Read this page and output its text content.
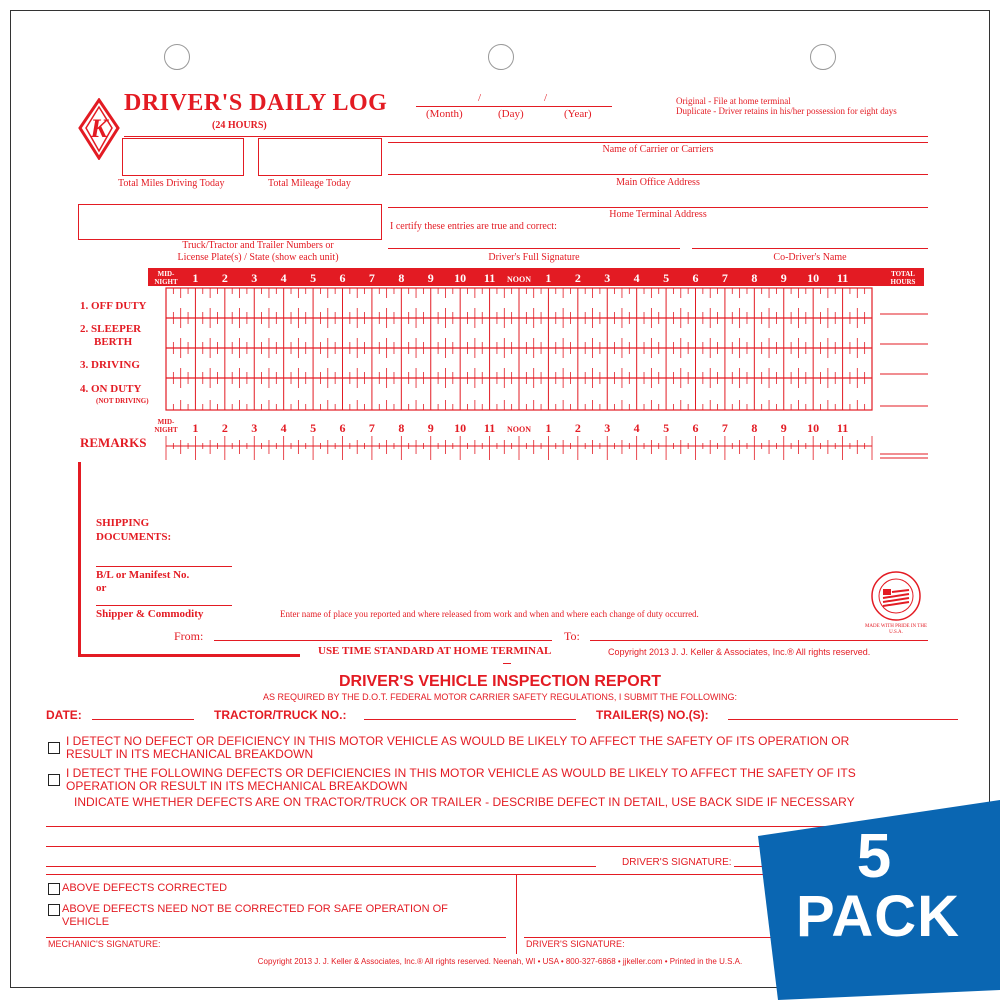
K
DRIVER'S DAILY LOG
(24 HOURS)
/	/
(Month)	(Day)	(Year)
Original - File at home terminal
Duplicate - Driver retains in his/her possession for eight days
Total Miles Driving Today	Total Mileage Today
Name of Carrier or Carriers
Main Office Address
Home Terminal Address
I certify these entries are true and correct:
Truck/Tractor and Trailer Numbers or
License Plate(s) / State (show each unit)	Driver's Full Signature	Co-Driver's Name
MID-
NIGHT
TOTAL
HOURS
1 2 3 4 5 6 7 8 9 10 11 NOON 1 2 3 4 5 6 7 8 9 10 11
MID-
NIGHT 1 2 3 4 5 6 7 8 9 10 11 NOON 1 2 3 4 5 6 7 8 9 10 11
1. OFF DUTY
2. SLEEPER
BERTH
3. DRIVING
4. ON DUTY
(NOT DRIVING)
REMARKS
SHIPPING
DOCUMENTS:
B/L or Manifest No.
or
Shipper & Commodity	Enter name of place you reported and where released from work and when and where each change of duty occurred.
From:	To:
USE TIME STANDARD AT HOME TERMINAL	Copyright 2013 J. J. Keller & Associates, Inc.® All rights reserved.
MADE WITH PRIDE IN THE U.S.A.
DRIVER'S VEHICLE INSPECTION REPORT
AS REQUIRED BY THE D.O.T. FEDERAL MOTOR CARRIER SAFETY REGULATIONS, I SUBMIT THE FOLLOWING:
DATE:	TRACTOR/TRUCK NO.:	TRAILER(S) NO.(S):
I DETECT NO DEFECT OR DEFICIENCY IN THIS MOTOR VEHICLE AS WOULD BE LIKELY TO AFFECT THE SAFETY OF ITS OPERATION OR
RESULT IN ITS MECHANICAL BREAKDOWN
I DETECT THE FOLLOWING DEFECTS OR DEFICIENCIES IN THIS MOTOR VEHICLE AS WOULD BE LIKELY TO AFFECT THE SAFETY OF ITS
OPERATION OR RESULT IN ITS MECHANICAL BREAKDOWN
INDICATE WHETHER DEFECTS ARE ON TRACTOR/TRUCK OR TRAILER - DESCRIBE DEFECT IN DETAIL, USE BACK SIDE IF NECESSARY
DRIVER'S SIGNATURE:
ABOVE DEFECTS CORRECTED
ABOVE DEFECTS NEED NOT BE CORRECTED FOR SAFE OPERATION OF
VEHICLE
MECHANIC'S SIGNATURE:	DRIVER'S SIGNATURE:
Copyright 2013 J. J. Keller & Associates, Inc.® All rights reserved. Neenah, WI • USA • 800-327-6868 • jjkeller.com • Printed in the U.S.A.
5
PACK
